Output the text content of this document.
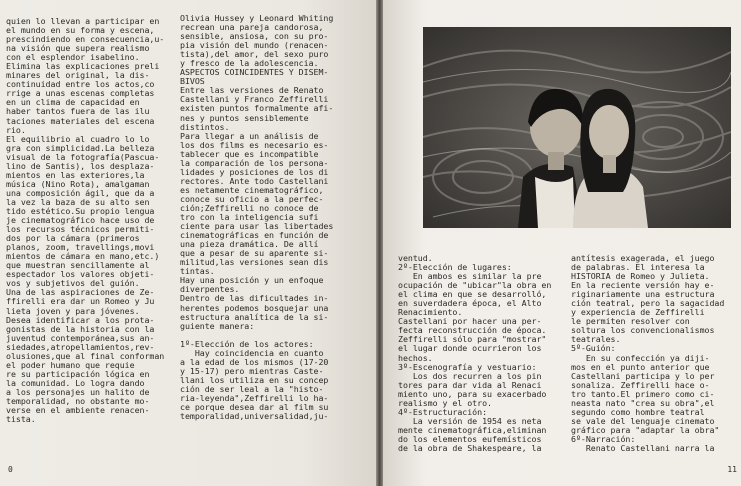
quien lo llevan a participar en
el mundo en su forma y escena,
prescindiendo en consecuencia,u-
na visión que supera realismo
con el esplendor isabelino.
Elimina las explicaciones preli
minares del original, la dis-
continuidad entre los actos,co
rrige a unas escenas completas
en un clima de capacidad en
haber tantos fuera de las ilu
taciones materiales del escena
rio.
El equilibrio al cuadro lo lo
gra con simplicidad.La belleza
visual de la fotografía(Pascua-
lino de Santis), los desplaza-
mientos en las exteriores,la
música (Nino Rota), amalgaman
una composición ágil, que da a
la vez la baza de su alto sen
tido estético.Su propio lengua
je cinematográfico hace uso de
los recursos técnicos permiti-
dos por la cámara (primeros
planos, zoom, travellings,movi
mientos de cámara en mano,etc.)
que muestran sencillamente al
espectador los valores objeti-
vos y subjetivos del guión.
Una de las aspiraciones de Ze-
ffirelli era dar un Romeo y Ju
lieta joven y para jóvenes.
Desea identificar a los prota-
gonistas de la historia con la
juventud contemporánea,sus an-
siedades,atropellamientos,rev-
olusiones,que al final conforman
el poder humano que requie
re su participación lógica en
la comunidad. Lo logra dando
a los personajes un halito de
temporalidad, no obstante mo-
verse en el ambiente renacen-
tista.
Olivia Hussey y Leonard Whiting
recrean una pareja candorosa,
sensible, ansiosa, con su pro-
pia visión del mundo (renacen-
tista),del amor, del sexo puro
y fresco de la adolescencia.
ASPECTOS COINCIDENTES Y DISEM-
BIVOS
Entre las versiones de Renato
Castellani y Franco Zeffirelli
existen puntos formalmente afi-
nes y puntos sensiblemente
distintos.
Para llegar a un análisis de
los dos films es necesario es-
tablecer que es incompatible
la comparación de los persona-
lidades y posiciones de los di
rectores. Ante todo Castellani
es netamente cinematográfico,
conoce su oficio a la perfec-
ción;Zeffirelli no conoce de
tro con la inteligencia sufi
ciente para usar las libertades
cinematográficas en función de
una pieza dramática. De allí
que a pesar de su aparente si-
militud,las versiones sean dis
tintas.
Hay una posición y un enfoque
diverpentes.
Dentro de las dificultades in-
herentes podemos bosquejar una
estructura analítica de la si-
guiente manera:

1º-Elección de los actores:
Hay coincidencia en cuanto
a la edad de los mismos (17-20
y 15-17) pero mientras Caste-
llani los utiliza en su concep
ción de ser leal a la "histo-
ria-leyenda",Zeffirelli lo ha-
ce porque desea dar al film su
temporalidad,universalidad,ju-
0
ventud.
2º-Elección de lugares:
En ambos es similar la pre
ocupación de "ubicar"la obra en
el clima en que se desarrolló,
en suverdadera época, el Alto
Renacimiento.
Castellani por hacer una per-
fecta reconstrucción de época.
Zeffirelli sólo para "mostrar"
el lugar donde ocurrieron los
hechos.
3º-Escenografía y vestuario:
Los dos recurren a los pin
tores para dar vida al Renaci
miento uno, para su exacerbado
realismo y el otro.
4º-Estructuración:
La versión de 1954 es neta
mente cinematográfica,eliminan
do los elementos eufemísticos
de la obra de Shakespeare, la
antítesis exagerada, el juego
de palabras. El interesa la
HISTORIA de Romeo y Julieta.
En la reciente versión hay e-
riginariamente una estructura
ción teatral, pero la sagacidad
y experiencia de Zeffirelli
le permiten resolver con
soltura los convencionalismos
teatrales.
5º-Guión:
En su confección ya diji-
mos en el punto anterior que
Castellani participa y lo per
sonaliza. Zeffirelli hace o-
tro tanto.El primero como ci-
neasta nato "crea su obra",el
segundo como hombre teatral
se vale del lenguaje cinemato
gráfico para "adaptar la obra"
6º-Narración:
Renato Castellani narra la
11
